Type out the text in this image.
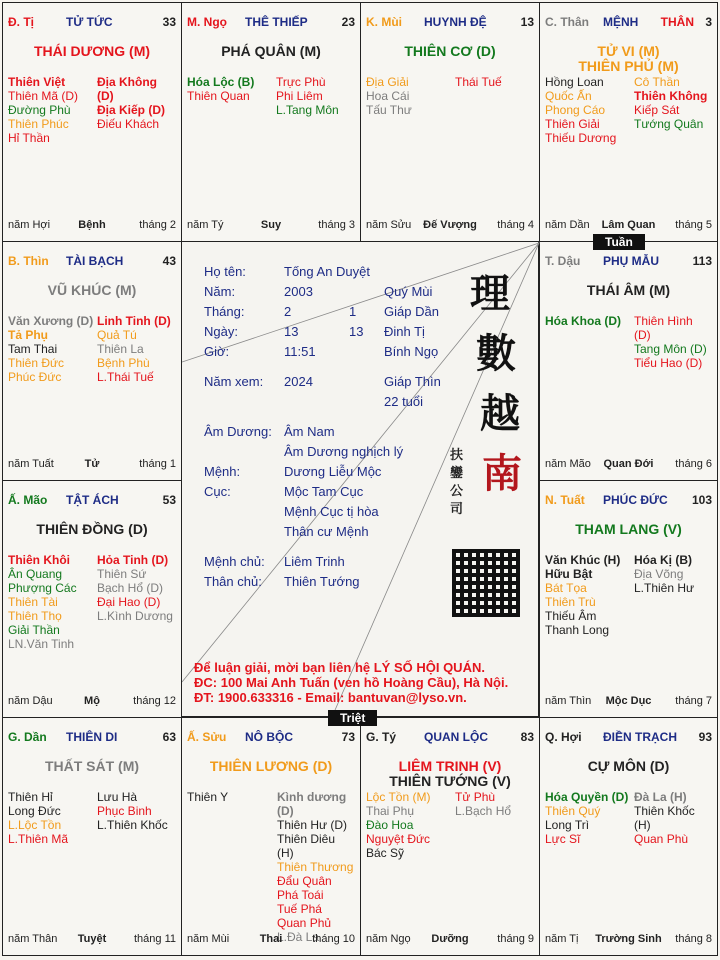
Đ. Tị	TỬ TỨC	33
THÁI DƯƠNG (M)
Thiên Việt
Thiên Mã (D)
Đường Phù
Thiên Phúc
Hỉ Thần
Địa Không (D)
Địa Kiếp (D)
Điếu Khách
năm Hợi	Bệnh	tháng 2
M. Ngọ THÊ THIẾP	23
PHÁ QUÂN (M)
Hóa Lộc (B)
Thiên Quan
Trực Phù
Phi Liêm
L.Tang Môn
năm Tý	Suy	tháng 3
K. Mùi HUYNH ĐỆ	13
THIÊN CƠ (D)
Địa Giải
Hoa Cái
Tấu Thư
Thái Tuế
năm Sửu Đế Vượng tháng 4
C. Thân MỆNH THÂN 3
TỬ VI (M)
THIÊN PHỦ (M)
Hồng Loan
Quốc Ấn
Phong Cáo
Thiên Giải
Thiếu Dương
Cô Thần
Thiên Không
Kiếp Sát
Tướng Quân
năm Dần Lâm Quan tháng 5
B. Thìn TÀI BẠCH	43
VŨ KHÚC (M)
Văn Xương (D)
Tả Phụ
Tam Thai
Thiên Đức
Phúc Đức
Linh Tinh (D)
Quả Tú
Thiên La
Bệnh Phù
L.Thái Tuế
năm Tuất	Tử	tháng 1
T. Dậu PHỤ MẪU	113
THÁI ÂM (M)
Hóa Khoa (D) Thiên Hình (D)
Tang Môn (D)
Tiểu Hao (D)
năm Mão Quan Đới tháng 6
Ấ. Mão TẬT ÁCH	53
THIÊN ĐỒNG (D)
Thiên Khôi
Ân Quang
Phượng Các
Thiên Tài
Thiên Thọ
Giải Thần
LN.Văn Tinh
Hỏa Tinh (D)
Thiên Sứ
Bạch Hổ (D)
Đại Hao (D)
L.Kình Dương
năm Dậu	Mộ	tháng 12
N. Tuất PHÚC ĐỨC 103
THAM LANG (V)
Văn Khúc (H)
Hữu Bật
Bát Tọa
Thiên Trù
Thiếu Âm
Thanh Long
Hóa Kị (B)
Địa Võng
L.Thiên Hư
năm Thìn Mộc Dục tháng 7
G. Dần THIÊN DI	63
THẤT SÁT (M)
Thiên Hỉ
Long Đức
L.Lộc Tồn
L.Thiên Mã
Lưu Hà
Phục Binh
L.Thiên Khốc
năm Thân Tuyệt	tháng 11
Ấ. Sửu NÔ BỘC	73
THIÊN LƯƠNG (D)
Thiên Y	Kình dương (D)
Thiên Hư (D)
Thiên Diêu (H)
Thiên Thương
Đẩu Quân
Phá Toái
Tuế Phá
Quan Phủ
L.Đà La
năm Mùi	Thai	tháng 10
G. Tý QUAN LỘC	83
LIÊM TRINH (V)
THIÊN TƯỚNG (V)
Lộc Tồn (M)
Thai Phụ
Đào Hoa
Nguyệt Đức
Bác Sỹ
Tử Phù
L.Bạch Hổ
năm Ngọ Dưỡng	tháng 9
Q. Hợi ĐIỀN TRẠCH 93
CỰ MÔN (D)
Hóa Quyền (D)
Thiên Quý
Long Trì
Lực Sĩ
Đà La (H)
Thiên Khốc (H)
Quan Phù
năm Tị Trường Sinh tháng 8
Họ tên:	Tống An Duyệt
Năm:	2003	Quý Mùi
Tháng:	2	1 Giáp Dần
Ngày:	13	13 Đinh Tị
Giờ:	11:51	Bính Ngọ
Năm xem: 2024	Giáp Thìn
22 tuổi
Âm Dương: Âm Nam
Âm Dương nghịch lý
Mệnh:	Dương Liễu Mộc
Cục:	Mộc Tam Cục
Mệnh Cục tị hòa
Thân cư Mệnh
Mệnh chủ: Liêm Trinh
Thân chủ: Thiên Tướng
理
數
越
南
扶 鑾 公 司
Để luận giải, mời bạn liên hệ LÝ SỐ HỘI QUÁN.
ĐC: 100 Mai Anh Tuấn (ven hồ Hoàng Cầu), Hà Nội.
ĐT: 1900.633316 - Email: bantuvan@lyso.vn.
Tuần
Triệt
